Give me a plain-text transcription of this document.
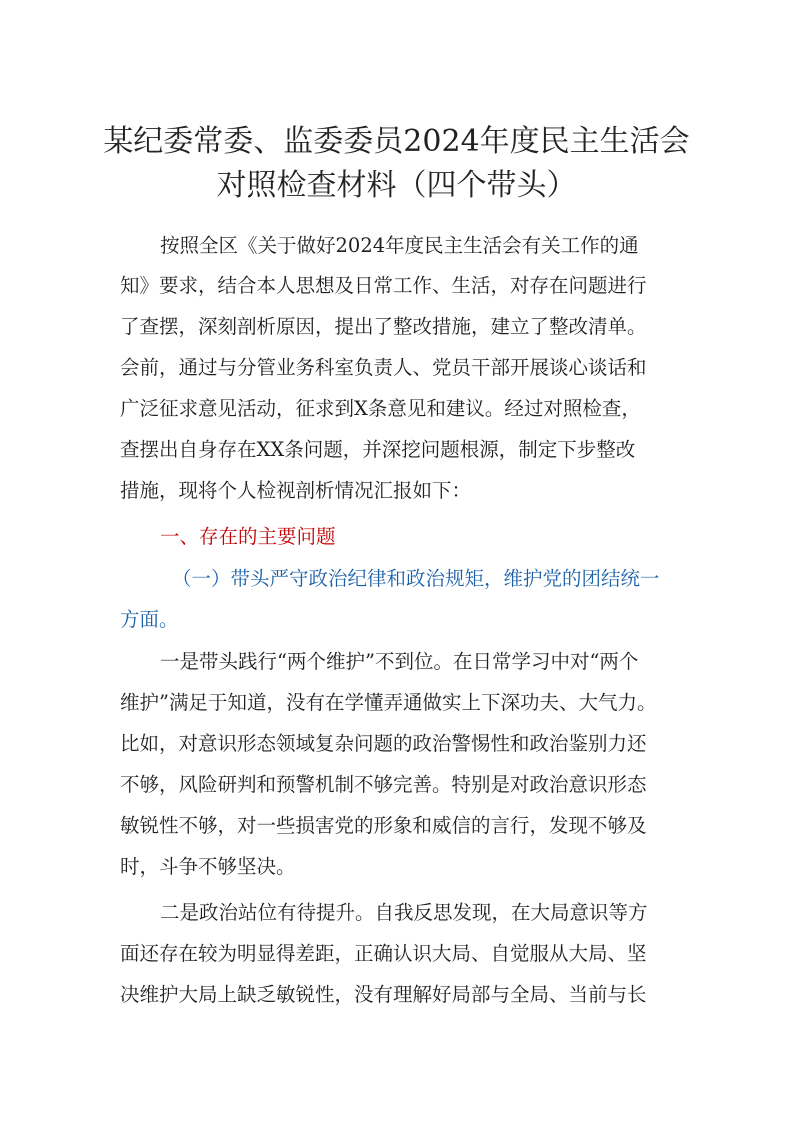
某纪委常委、监委委员2024年度民主生活会
对照检查材料（四个带头）
按照全区《关于做好2024年度民主生活会有关工作的通
知》要求，结合本人思想及日常工作、生活，对存在问题进行
了查摆，深刻剖析原因，提出了整改措施，建立了整改清单。
会前，通过与分管业务科室负责人、党员干部开展谈心谈话和
广泛征求意见活动，征求到X条意见和建议。经过对照检查，
查摆出自身存在XX条问题，并深挖问题根源，制定下步整改
措施，现将个人检视剖析情况汇报如下：
一、存在的主要问题
（一）带头严守政治纪律和政治规矩，维护党的团结统一
方面。
一是带头践行“两个维护”不到位。在日常学习中对“两个
维护”满足于知道，没有在学懂弄通做实上下深功夫、大气力。
比如，对意识形态领域复杂问题的政治警惕性和政治鉴别力还
不够，风险研判和预警机制不够完善。特别是对政治意识形态
敏锐性不够，对一些损害党的形象和威信的言行，发现不够及
时，斗争不够坚决。
二是政治站位有待提升。自我反思发现，在大局意识等方
面还存在较为明显得差距，正确认识大局、自觉服从大局、坚
决维护大局上缺乏敏锐性，没有理解好局部与全局、当前与长
